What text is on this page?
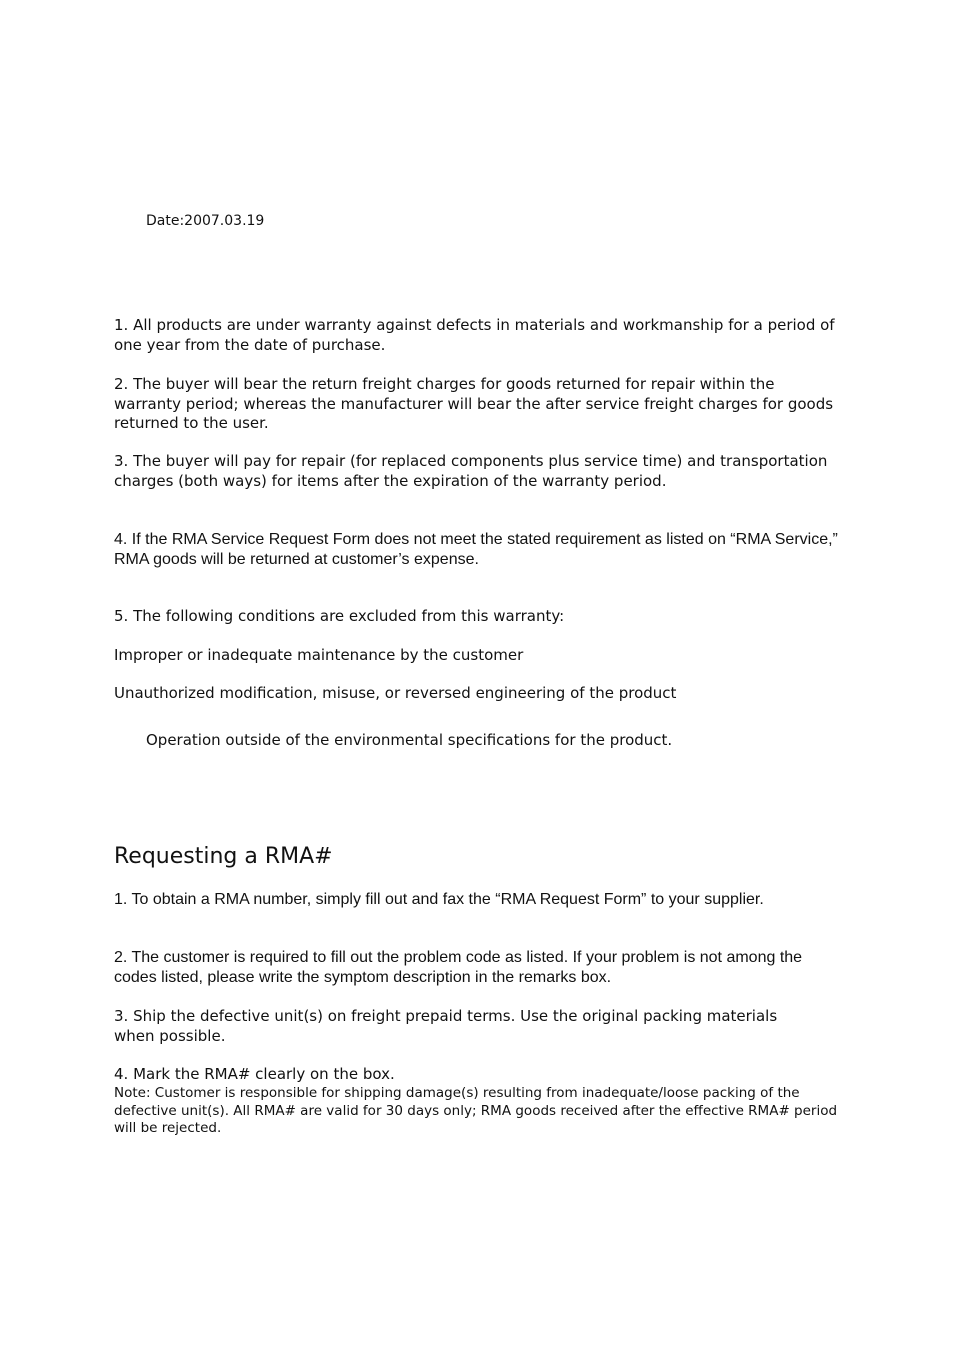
Date:2007.03.19
1. All products are under warranty against defects in materials and workmanship for a period of one year from the date of purchase.
2. The buyer will bear the return freight charges for goods returned for repair within the warranty period; whereas the manufacturer will bear the after service freight charges for goods returned to the user.
3. The buyer will pay for repair (for replaced components plus service time) and transportation charges (both ways) for items after the expiration of the warranty period.
4. If the RMA Service Request Form does not meet the stated requirement as listed on “RMA Service,” RMA goods will be returned at customer’s expense.
5. The following conditions are excluded from this warranty:
Improper or inadequate maintenance by the customer
Unauthorized modification, misuse, or reversed engineering of the product
Operation outside of the environmental specifications for the product.
Requesting a RMA#
1. To obtain a RMA number, simply fill out and fax the “RMA Request Form” to your supplier.
2. The customer is required to fill out the problem code as listed. If your problem is not among the codes listed, please write the symptom description in the remarks box.
3. Ship the defective unit(s) on freight prepaid terms. Use the original packing materials when possible.
4. Mark the RMA# clearly on the box.
Note: Customer is responsible for shipping damage(s) resulting from inadequate/loose packing of the defective unit(s). All RMA# are valid for 30 days only; RMA goods received after the effective RMA# period will be rejected.
